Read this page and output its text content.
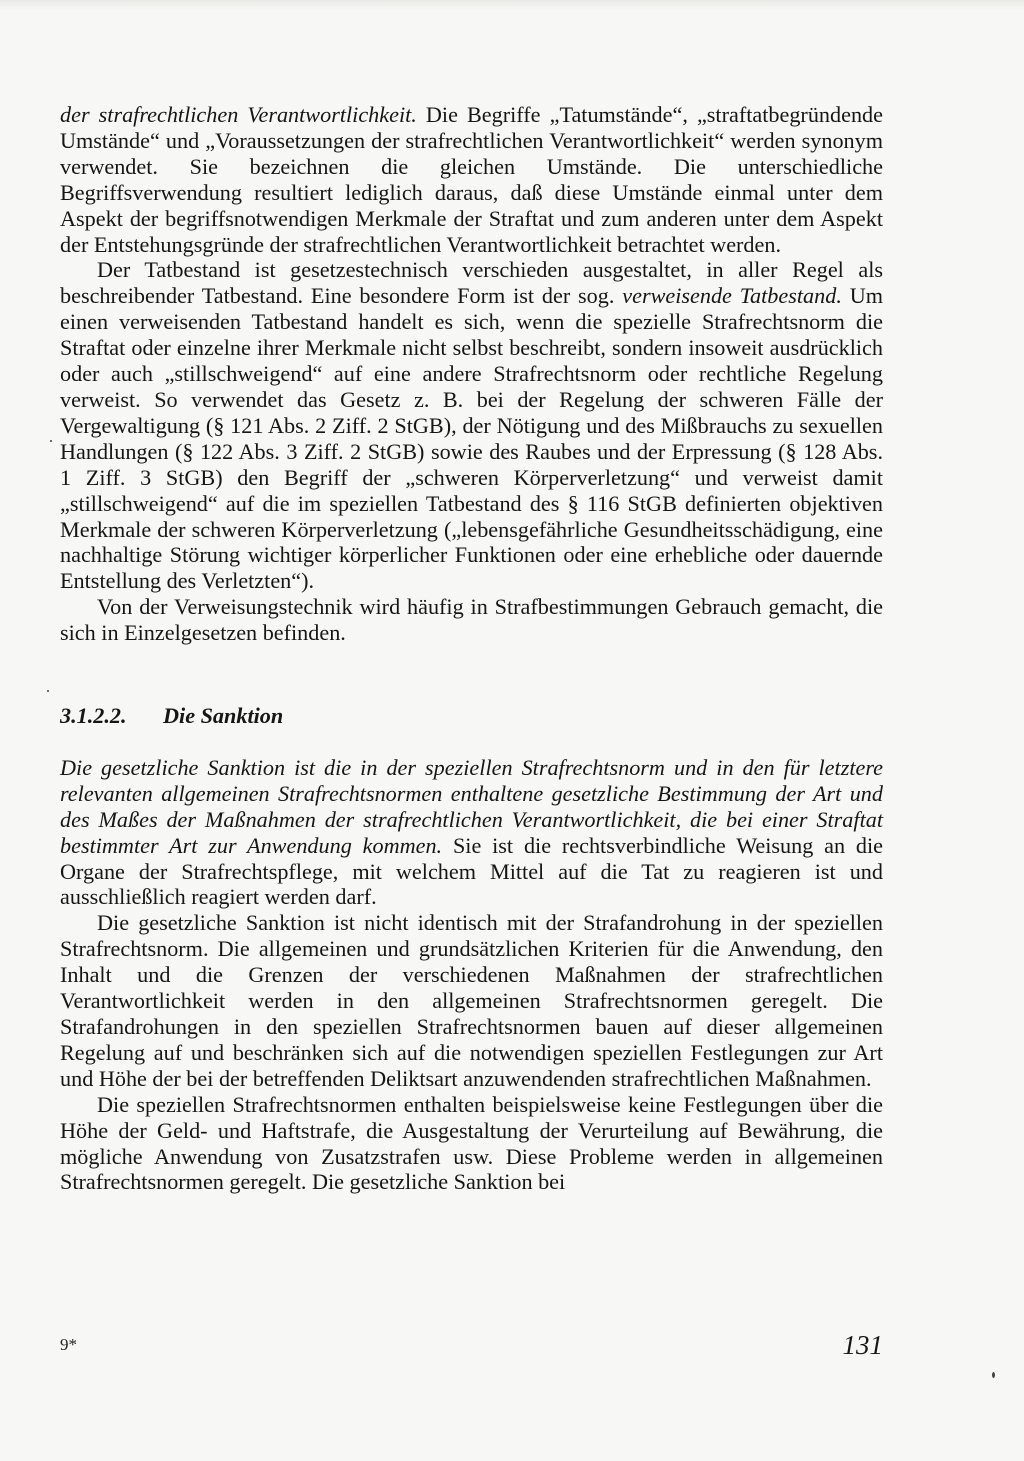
der strafrechtlichen Verantwortlichkeit. Die Begriffe „Tatumstände“, „straftatbegründende Umstände“ und „Voraussetzungen der strafrechtlichen Verantwortlichkeit“ werden synonym verwendet. Sie bezeichnen die gleichen Umstände. Die unterschiedliche Begriffsverwendung resultiert lediglich daraus, daß diese Umstände einmal unter dem Aspekt der begriffsnotwendigen Merkmale der Straftat und zum anderen unter dem Aspekt der Entstehungsgründe der strafrechtlichen Verantwortlichkeit betrachtet werden.

Der Tatbestand ist gesetzestechnisch verschieden ausgestaltet, in aller Regel als beschreibender Tatbestand. Eine besondere Form ist der sog. verweisende Tatbestand. Um einen verweisenden Tatbestand handelt es sich, wenn die spezielle Strafrechtsnorm die Straftat oder einzelne ihrer Merkmale nicht selbst beschreibt, sondern insoweit ausdrücklich oder auch „stillschweigend“ auf eine andere Strafrechtsnorm oder rechtliche Regelung verweist. So verwendet das Gesetz z. B. bei der Regelung der schweren Fälle der Vergewaltigung (§ 121 Abs. 2 Ziff. 2 StGB), der Nötigung und des Mißbrauchs zu sexuellen Handlungen (§ 122 Abs. 3 Ziff. 2 StGB) sowie des Raubes und der Erpressung (§ 128 Abs. 1 Ziff. 3 StGB) den Begriff der „schweren Körperverletzung“ und verweist damit „stillschweigend“ auf die im speziellen Tatbestand des § 116 StGB definierten objektiven Merkmale der schweren Körperverletzung („lebensgefährliche Gesundheitsschädigung, eine nachhaltige Störung wichtiger körperlicher Funktionen oder eine erhebliche oder dauernde Entstellung des Verletzten“).

Von der Verweisungstechnik wird häufig in Strafbestimmungen Gebrauch gemacht, die sich in Einzelgesetzen befinden.

3.1.2.2. Die Sanktion

Die gesetzliche Sanktion ist die in der speziellen Strafrechtsnorm und in den für letztere relevanten allgemeinen Strafrechtsnormen enthaltene gesetzliche Bestimmung der Art und des Maßes der Maßnahmen der strafrechtlichen Verantwortlichkeit, die bei einer Straftat bestimmter Art zur Anwendung kommen. Sie ist die rechtsverbindliche Weisung an die Organe der Strafrechtspflege, mit welchem Mittel auf die Tat zu reagieren ist und ausschließlich reagiert werden darf.

Die gesetzliche Sanktion ist nicht identisch mit der Strafandrohung in der speziellen Strafrechtsnorm. Die allgemeinen und grundsätzlichen Kriterien für die Anwendung, den Inhalt und die Grenzen der verschiedenen Maßnahmen der strafrechtlichen Verantwortlichkeit werden in den allgemeinen Strafrechtsnormen geregelt. Die Strafandrohungen in den speziellen Strafrechtsnormen bauen auf dieser allgemeinen Regelung auf und beschränken sich auf die notwendigen speziellen Festlegungen zur Art und Höhe der bei der betreffenden Deliktsart anzuwendenden strafrechtlichen Maßnahmen.

Die speziellen Strafrechtsnormen enthalten beispielsweise keine Festlegungen über die Höhe der Geld- und Haftstrafe, die Ausgestaltung der Verurteilung auf Bewährung, die mögliche Anwendung von Zusatzstrafen usw. Diese Probleme werden in allgemeinen Strafrechtsnormen geregelt. Die gesetzliche Sanktion bei

9*	131
